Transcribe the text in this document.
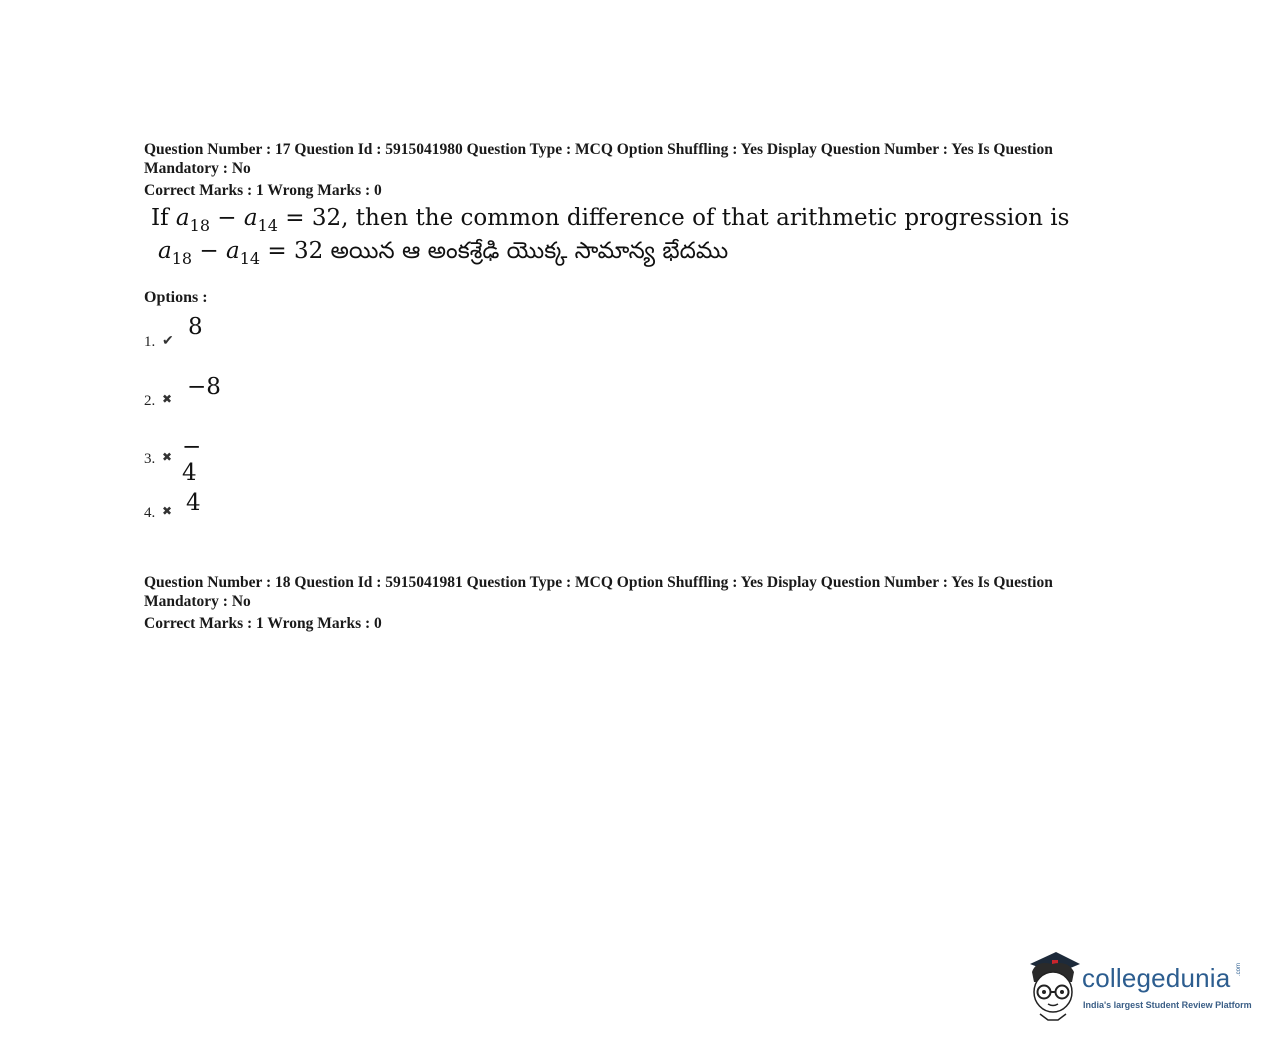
Question Number : 17 Question Id : 5915041980 Question Type : MCQ Option Shuffling : Yes Display Question Number : Yes Is Question
Mandatory : No
Correct Marks : 1 Wrong Marks : 0
If $a_{18} - a_{14} = 32$, then the common difference of that arithmetic progression is
$a_{18} - a_{14} = 32$ అయిన ఆ అంకశ్రేఢి యొక్క సామాన్య భేదము
Options :
1. ✔
8
2. ✖ −8
3. ✖ − 4
4. ✖ 4
Question Number : 18 Question Id : 5915041981 Question Type : MCQ Option Shuffling : Yes Display Question Number : Yes Is Question
Mandatory : No
Correct Marks : 1 Wrong Marks : 0
collegedunia .com
India's largest Student Review Platform
